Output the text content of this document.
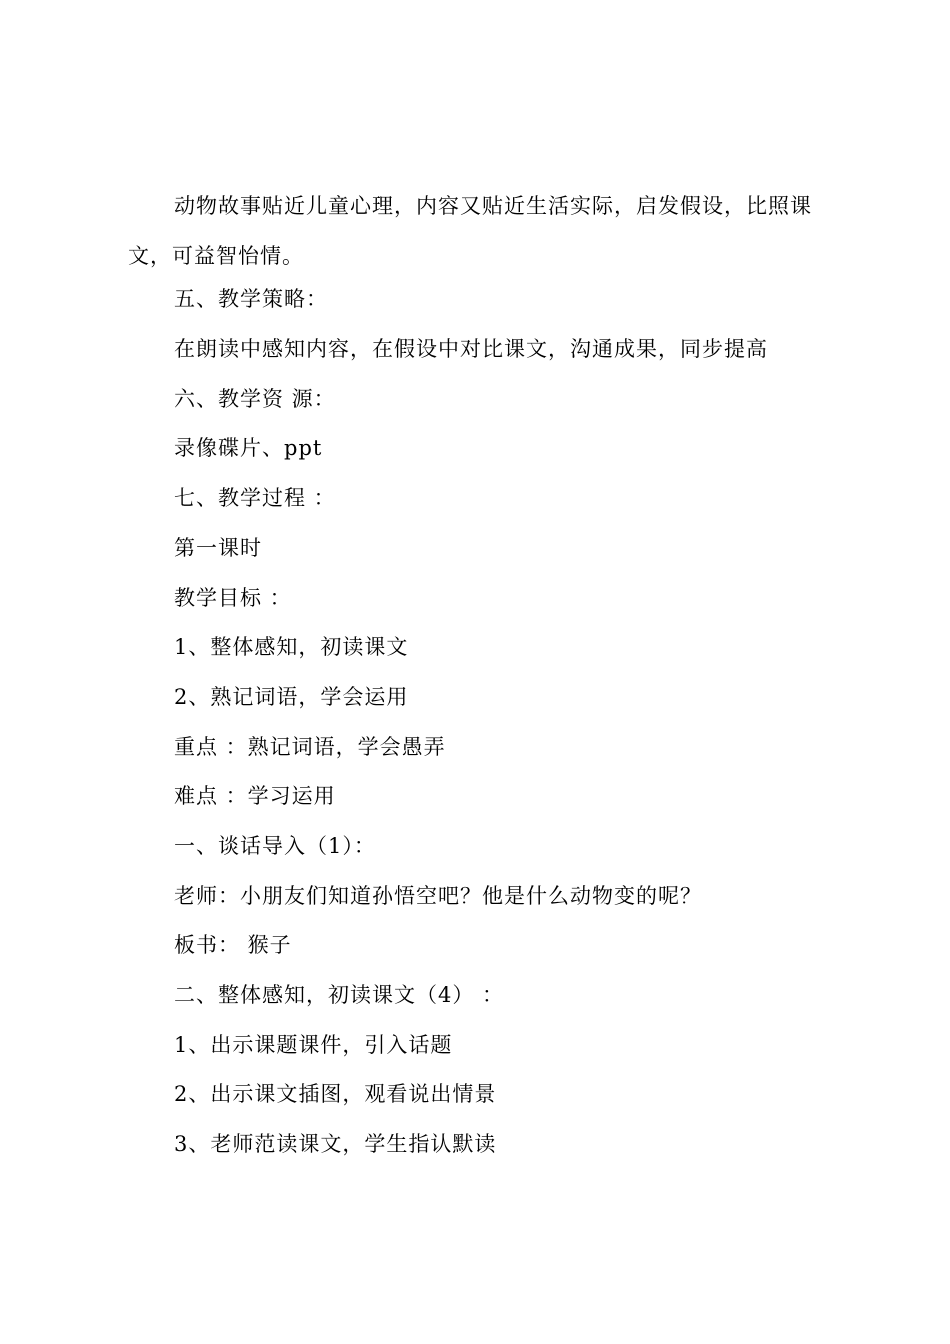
动物故事贴近儿童心理，内容又贴近生活实际，启发假设，比照课文，可益智怡情。

五、教学策略：

在朗读中感知内容，在假设中对比课文，沟通成果，同步提高

六、教学资 源：

录像碟片、ppt

七、教学过程 ：

第一课时

教学目标 ：

1、整体感知，初读课文

2、熟记词语，学会运用

重点 ：熟记词语，学会愚弄

难点 ：学习运用

一、谈话导入（1）：

老师：小朋友们知道孙悟空吧？他是什么动物变的呢？

板书： 猴子

二、整体感知，初读课文（4） ：

1、出示课题课件，引入话题

2、出示课文插图，观看说出情景

3、老师范读课文，学生指认默读
